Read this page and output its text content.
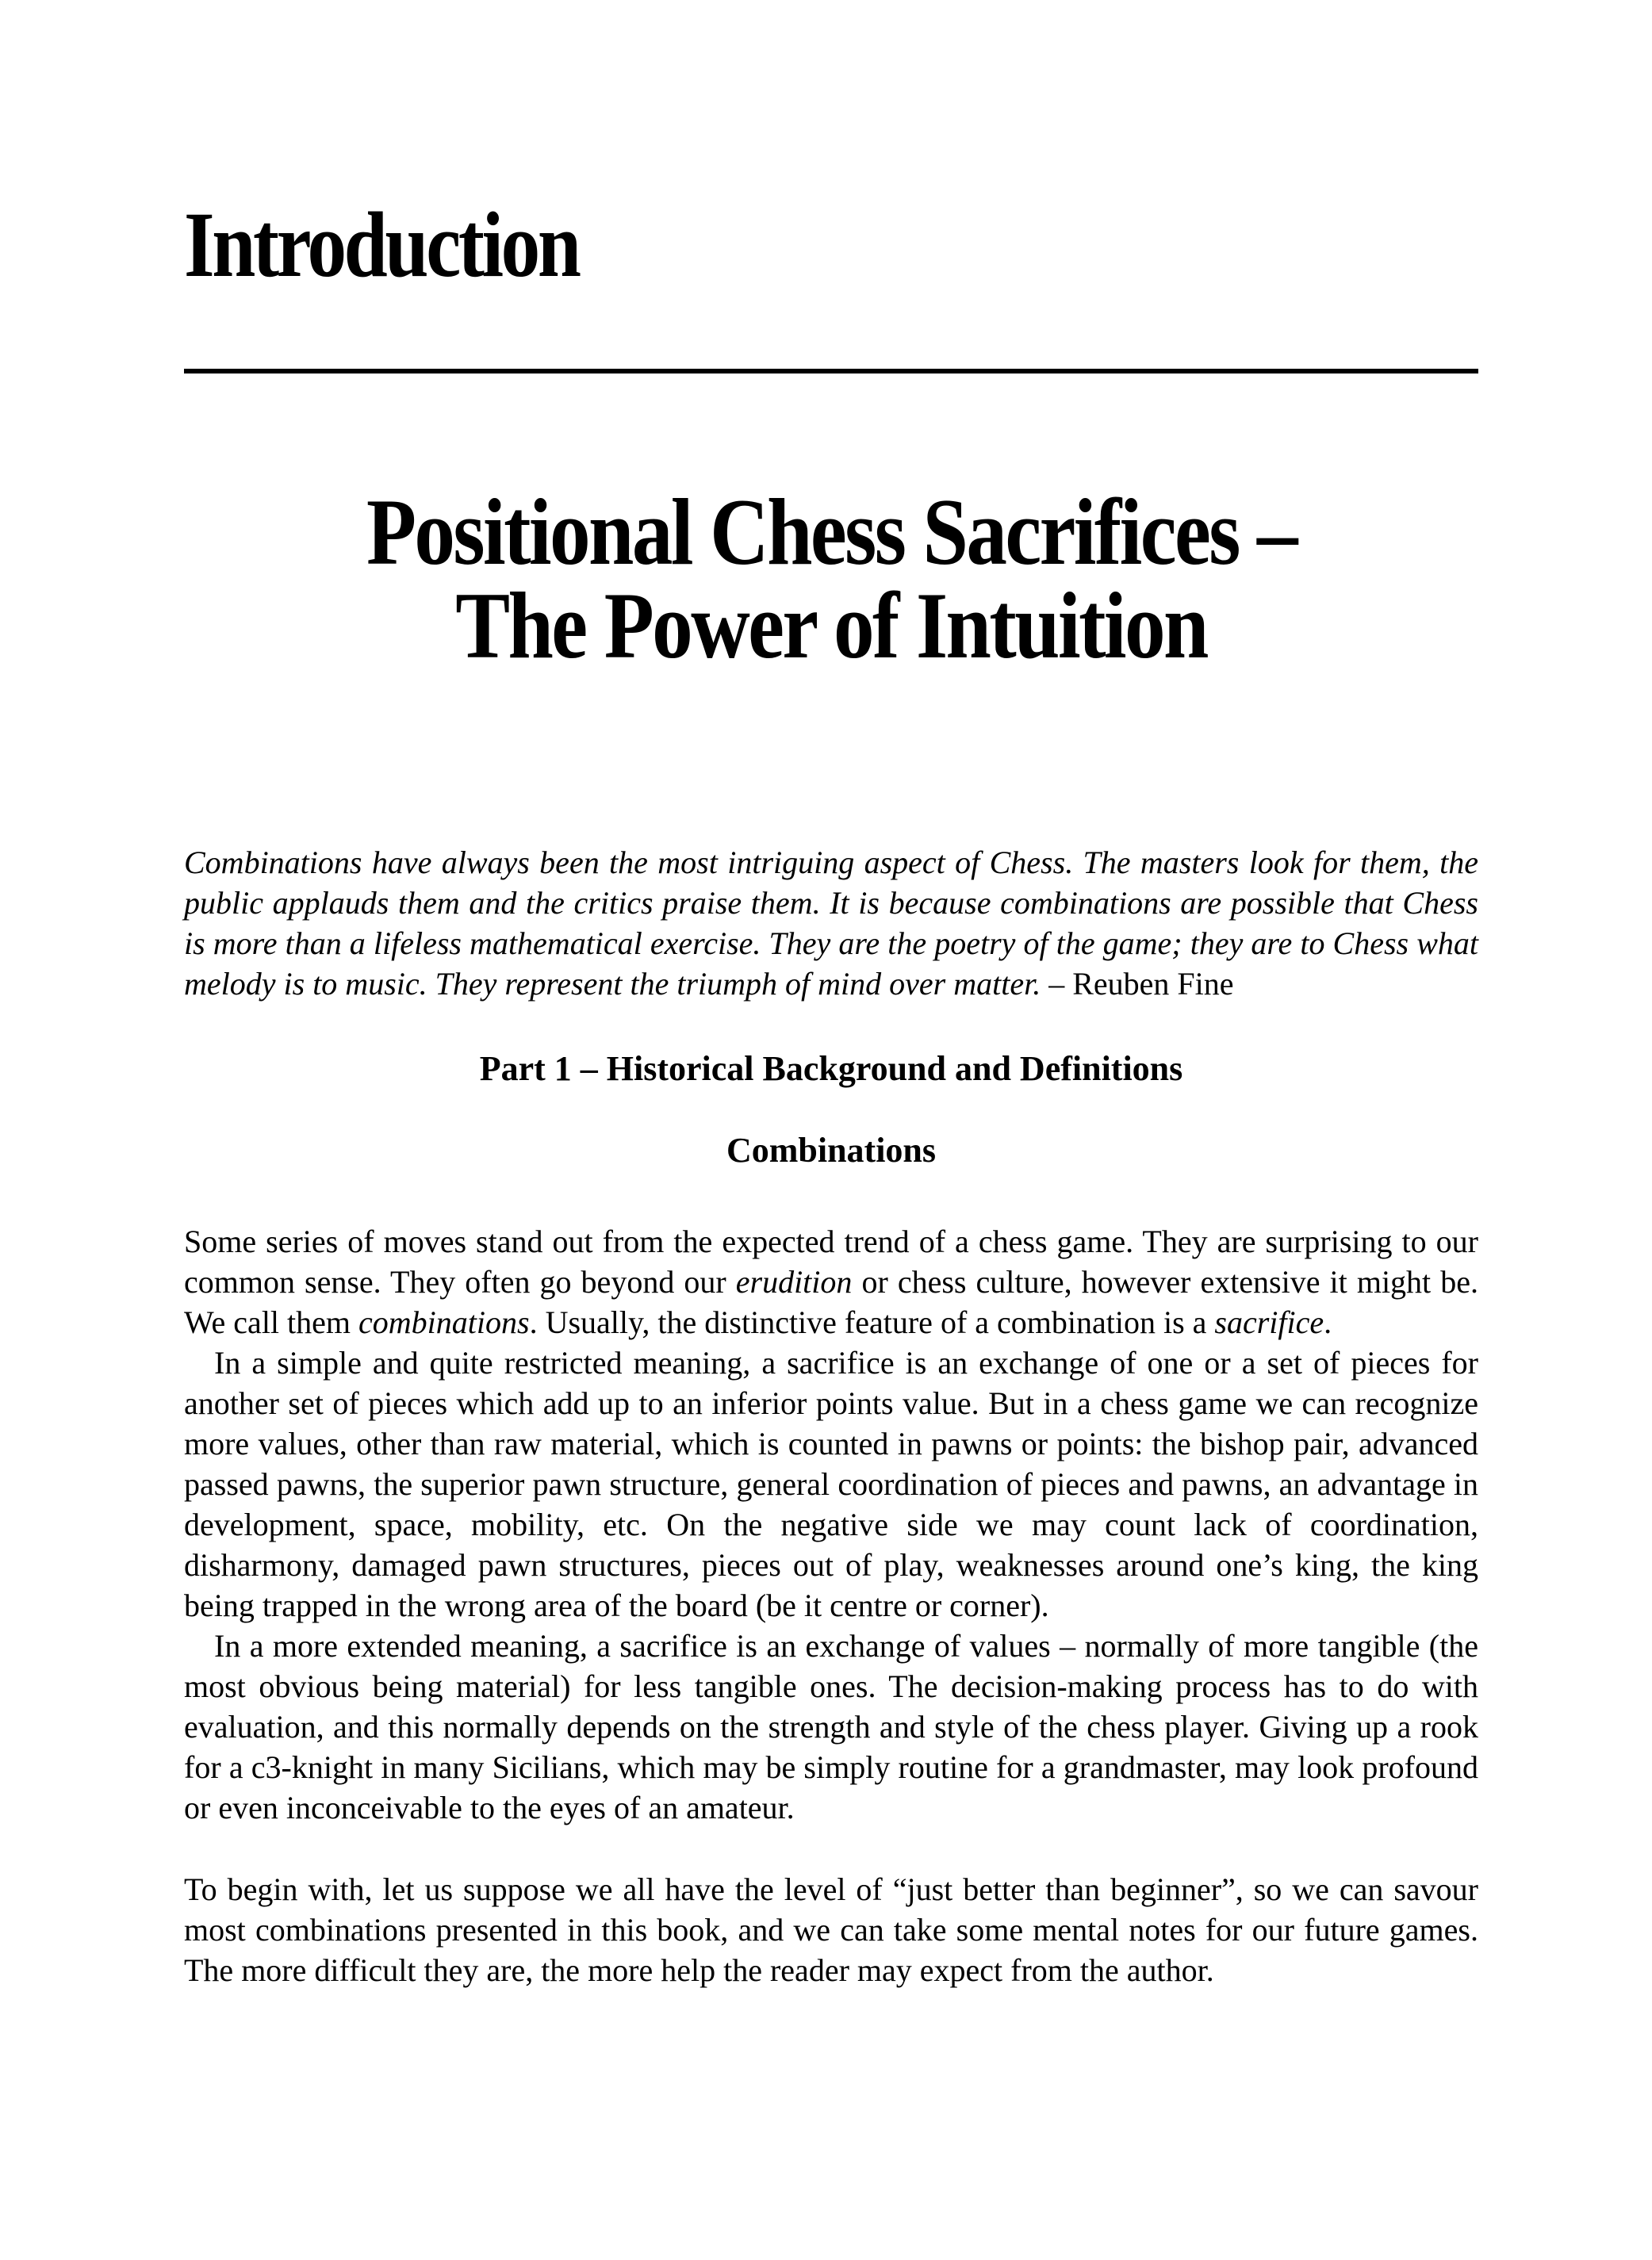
Introduction
Positional Chess Sacrifices –
The Power of Intuition

Combinations have always been the most intriguing aspect of Chess. The masters look for them, the public applauds them and the critics praise them. It is because combinations are possible that Chess is more than a lifeless mathematical exercise. They are the poetry of the game; they are to Chess what melody is to music. They represent the triumph of mind over matter. – Reuben Fine

Part 1 – Historical Background and Definitions
Combinations

Some series of moves stand out from the expected trend of a chess game. They are surprising to our common sense. They often go beyond our erudition or chess culture, however extensive it might be. We call them combinations. Usually, the distinctive feature of a combination is a sacrifice.

In a simple and quite restricted meaning, a sacrifice is an exchange of one or a set of pieces for another set of pieces which add up to an inferior points value. But in a chess game we can recognize more values, other than raw material, which is counted in pawns or points: the bishop pair, advanced passed pawns, the superior pawn structure, general coordination of pieces and pawns, an advantage in development, space, mobility, etc. On the negative side we may count lack of coordination, disharmony, damaged pawn structures, pieces out of play, weaknesses around one’s king, the king being trapped in the wrong area of the board (be it centre or corner).

In a more extended meaning, a sacrifice is an exchange of values – normally of more tangible (the most obvious being material) for less tangible ones. The decision-making process has to do with evaluation, and this normally depends on the strength and style of the chess player. Giving up a rook for a c3-knight in many Sicilians, which may be simply routine for a grandmaster, may look profound or even inconceivable to the eyes of an amateur.

To begin with, let us suppose we all have the level of “just better than beginner”, so we can savour most combinations presented in this book, and we can take some mental notes for our future games. The more difficult they are, the more help the reader may expect from the author.
